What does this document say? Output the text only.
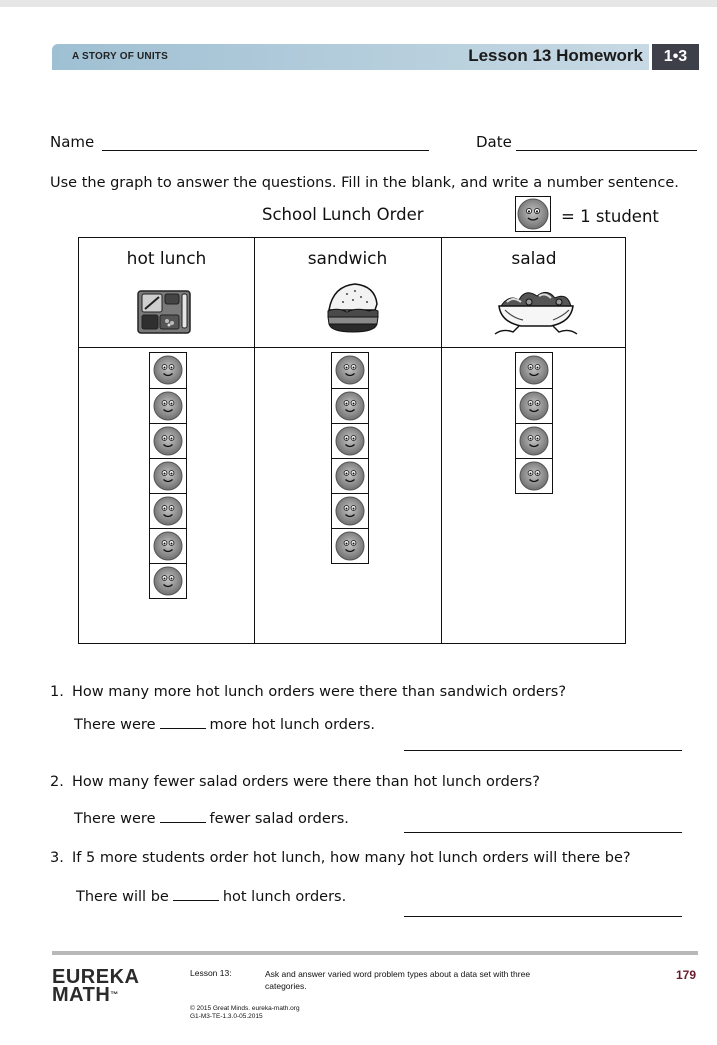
A STORY OF UNITS	Lesson 13 Homework	1•3
Name	Date
Use the graph to answer the questions. Fill in the blank, and write a number sentence.
School Lunch Order	= 1 student
hot lunch	sandwich	salad
1. How many more hot lunch orders were there than sandwich orders?
There were	more hot lunch orders.
2. How many fewer salad orders were there than hot lunch orders?
There were	fewer salad orders.
3. If 5 more students order hot lunch, how many hot lunch orders will there be?
There will be	hot lunch orders.
EUREKA
MATH™
Lesson 13:	Ask and answer varied word problem types about a data set with three categories.
179
© 2015 Great Minds. eureka-math.org
G1-M3-TE-1.3.0-05.2015
